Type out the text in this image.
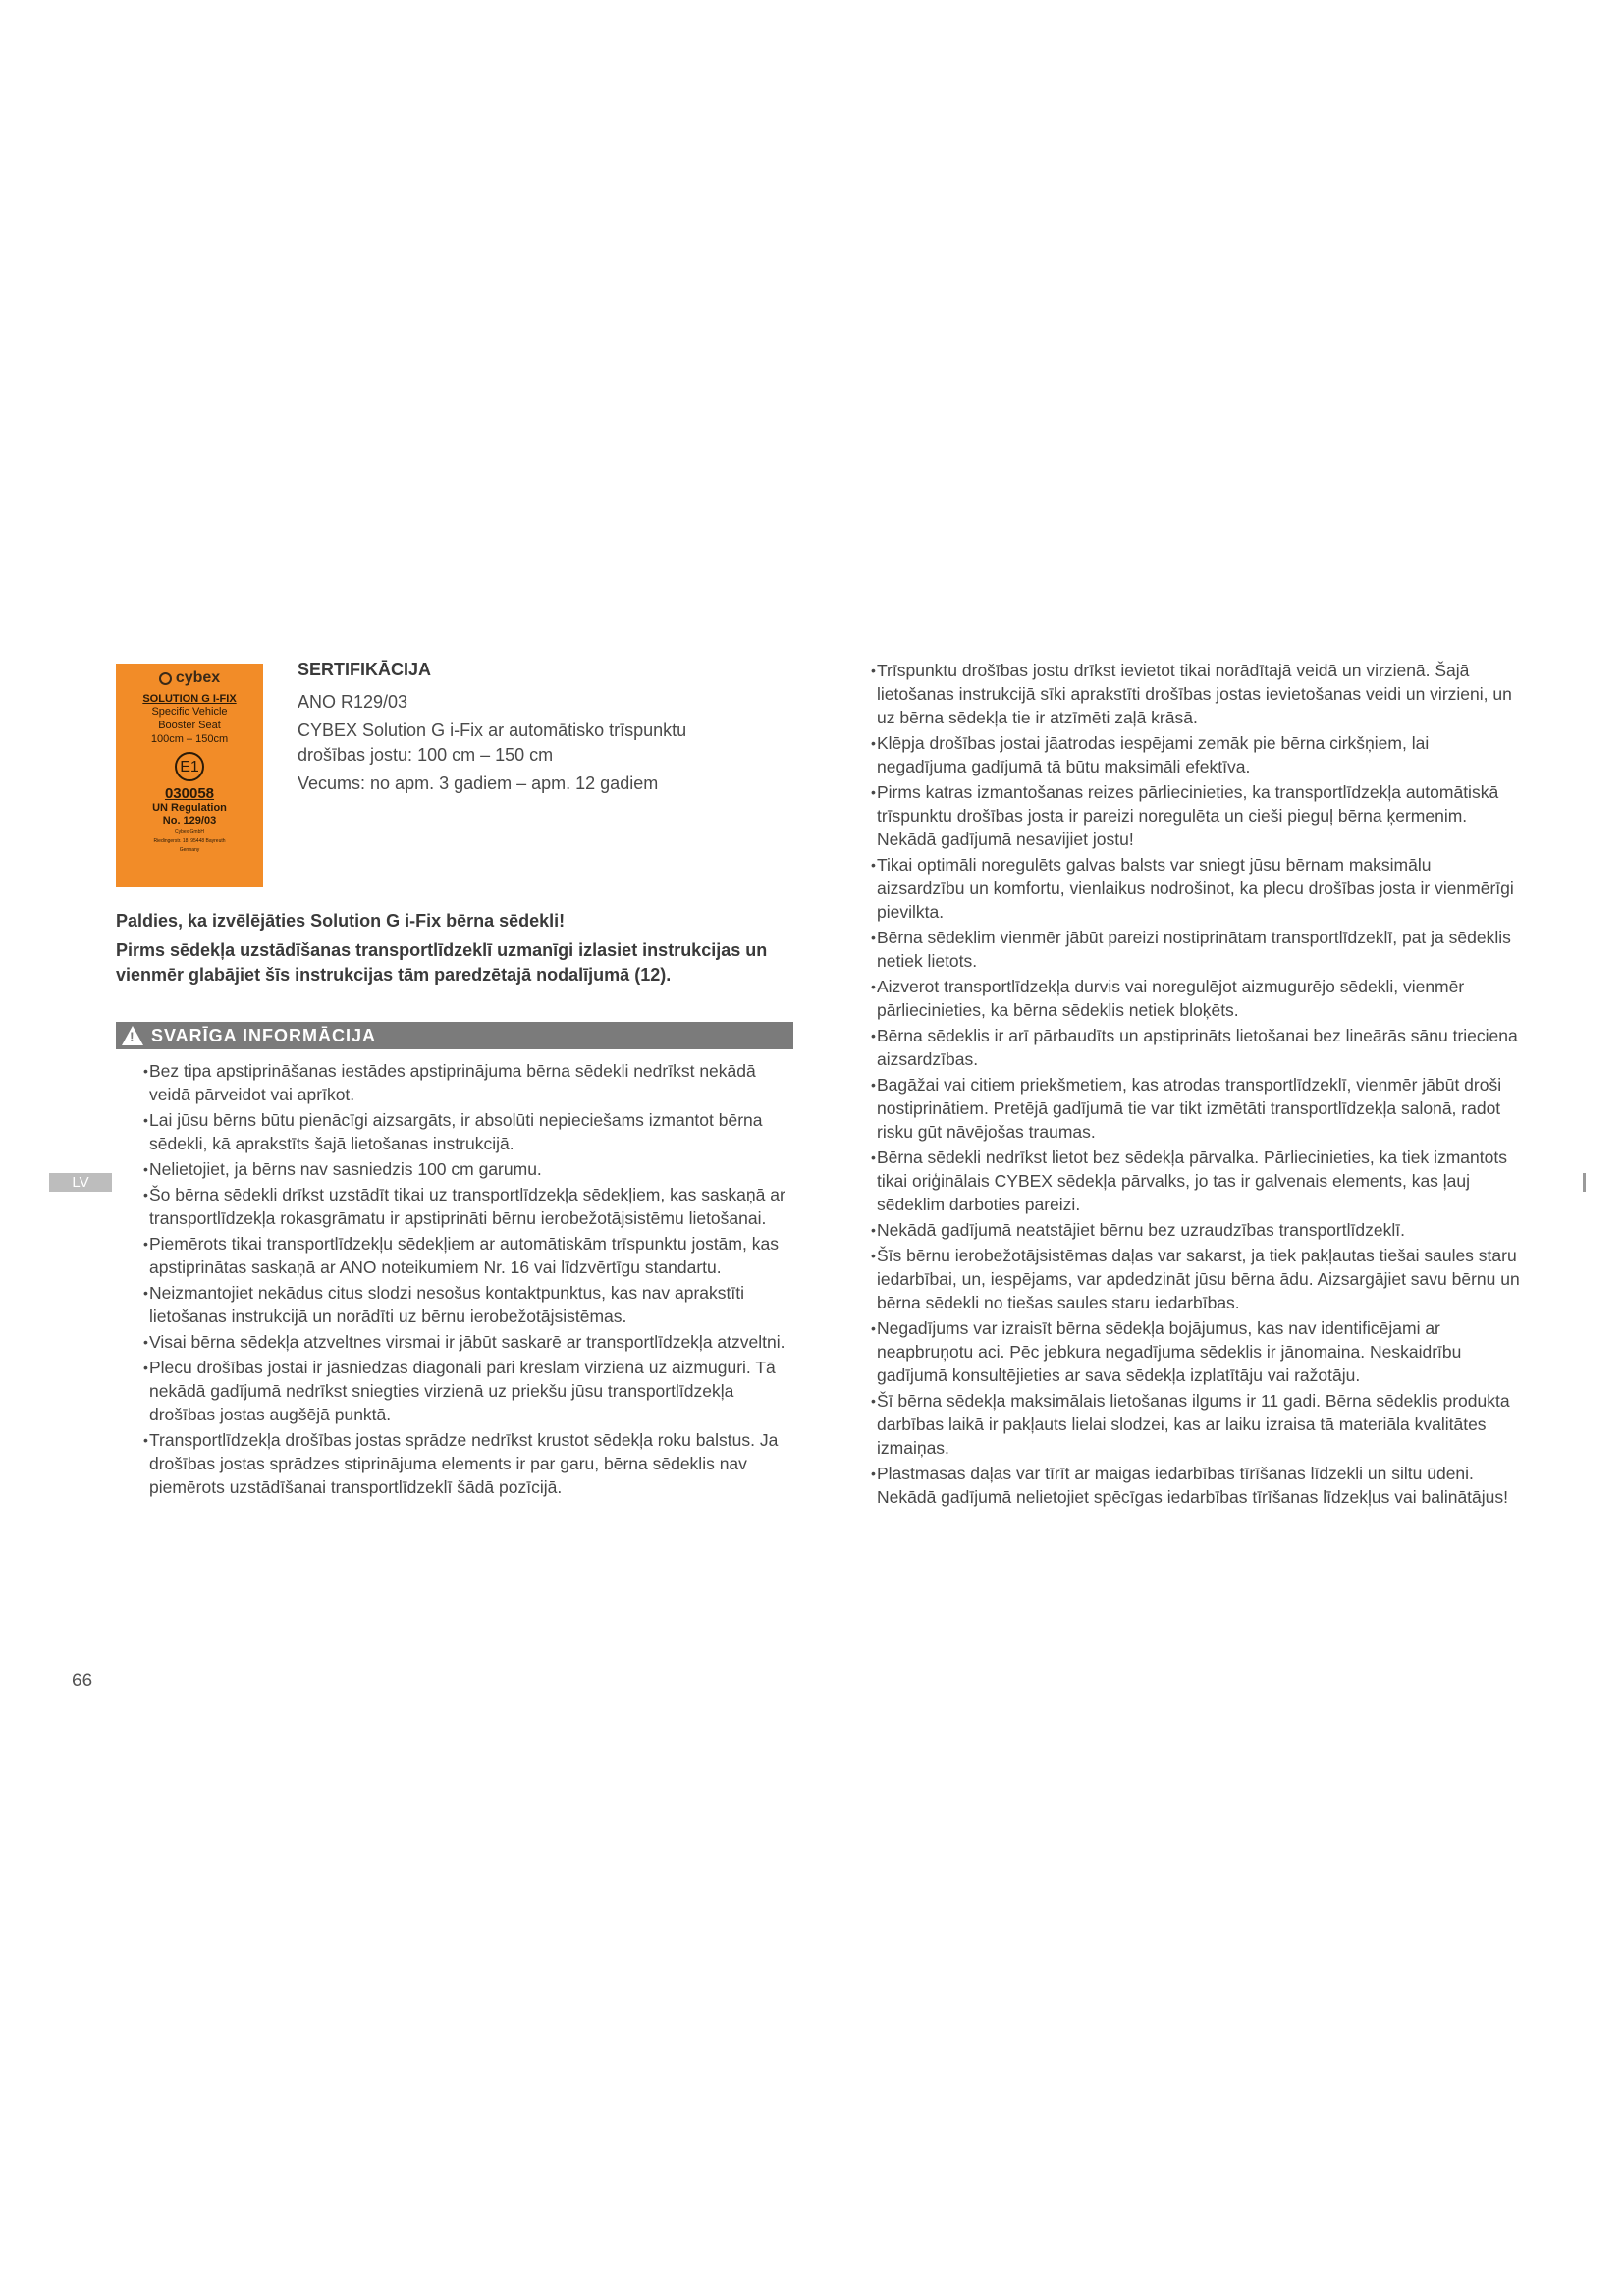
cybex
SOLUTION G I-FIX
Specific Vehicle
Booster Seat
100cm – 150cm
E1
030058
UN Regulation
No. 129/03
Cybex GmbH
Riedingerstr. 18, 95448 Bayreuth
Germany
SERTIFIKĀCIJA
ANO R129/03
CYBEX Solution G i-Fix ar automātisko trīspunktu drošības jostu: 100 cm – 150 cm
Vecums: no apm. 3 gadiem – apm. 12 gadiem

Paldies, ka izvēlējāties Solution G i-Fix bērna sēdekli!

Pirms sēdekļa uzstādīšanas transportlīdzeklī uzmanīgi izlasiet instrukcijas un vienmēr glabājiet šīs instrukcijas tām paredzētajā nodalījumā (12).

! SVARĪGA INFORMĀCIJA
• Bez tipa apstiprināšanas iestādes apstiprinājuma bērna sēdekli nedrīkst nekādā veidā pārveidot vai aprīkot.
• Lai jūsu bērns būtu pienācīgi aizsargāts, ir absolūti nepieciešams izmantot bērna sēdekli, kā aprakstīts šajā lietošanas instrukcijā.
• Nelietojiet, ja bērns nav sasniedzis 100 cm garumu.
• Šo bērna sēdekli drīkst uzstādīt tikai uz transportlīdzekļa sēdekļiem, kas saskaņā ar transportlīdzekļa rokasgrāmatu ir apstiprināti bērnu ierobežotājsistēmu lietošanai.
• Piemērots tikai transportlīdzekļu sēdekļiem ar automātiskām trīspunktu jostām, kas apstiprinātas saskaņā ar ANO noteikumiem Nr. 16 vai līdzvērtīgu standartu.
• Neizmantojiet nekādus citus slodzi nesošus kontaktpunktus, kas nav aprakstīti lietošanas instrukcijā un norādīti uz bērnu ierobežotājsistēmas.
• Visai bērna sēdekļa atzveltnes virsmai ir jābūt saskarē ar transportlīdzekļa atzveltni.
• Plecu drošības jostai ir jāsniedzas diagonāli pāri krēslam virzienā uz aizmuguri. Tā nekādā gadījumā nedrīkst sniegties virzienā uz priekšu jūsu transportlīdzekļa drošības jostas augšējā punktā.
• Transportlīdzekļa drošības jostas sprādze nedrīkst krustot sēdekļa roku balstus. Ja drošības jostas sprādzes stiprinājuma elements ir par garu, bērna sēdeklis nav piemērots uzstādīšanai transportlīdzeklī šādā pozīcijā.
• Trīspunktu drošības jostu drīkst ievietot tikai norādītajā veidā un virzienā. Šajā lietošanas instrukcijā sīki aprakstīti drošības jostas ievietošanas veidi un virzieni, un uz bērna sēdekļa tie ir atzīmēti zaļā krāsā.
• Klēpja drošības jostai jāatrodas iespējami zemāk pie bērna cirkšņiem, lai negadījuma gadījumā tā būtu maksimāli efektīva.
• Pirms katras izmantošanas reizes pārliecinieties, ka transportlīdzekļa automātiskā trīspunktu drošības josta ir pareizi noregulēta un cieši pieguļ bērna ķermenim. Nekādā gadījumā nesavijiet jostu!
• Tikai optimāli noregulēts galvas balsts var sniegt jūsu bērnam maksimālu aizsardzību un komfortu, vienlaikus nodrošinot, ka plecu drošības josta ir vienmērīgi pievilkta.
• Bērna sēdeklim vienmēr jābūt pareizi nostiprinātam transportlīdzeklī, pat ja sēdeklis netiek lietots.
• Aizverot transportlīdzekļa durvis vai noregulējot aizmugurējo sēdekli, vienmēr pārliecinieties, ka bērna sēdeklis netiek bloķēts.
• Bērna sēdeklis ir arī pārbaudīts un apstiprināts lietošanai bez lineārās sānu trieciena aizsardzības.
• Bagāžai vai citiem priekšmetiem, kas atrodas transportlīdzeklī, vienmēr jābūt droši nostiprinātiem. Pretējā gadījumā tie var tikt izmētāti transportlīdzekļa salonā, radot risku gūt nāvējošas traumas.
• Bērna sēdekli nedrīkst lietot bez sēdekļa pārvalka. Pārliecinieties, ka tiek izmantots tikai oriģinālais CYBEX sēdekļa pārvalks, jo tas ir galvenais elements, kas ļauj sēdeklim darboties pareizi.
• Nekādā gadījumā neatstājiet bērnu bez uzraudzības transportlīdzeklī.
• Šīs bērnu ierobežotājsistēmas daļas var sakarst, ja tiek pakļautas tiešai saules staru iedarbībai, un, iespējams, var apdedzināt jūsu bērna ādu. Aizsargājiet savu bērnu un bērna sēdekli no tiešas saules staru iedarbības.
• Negadījums var izraisīt bērna sēdekļa bojājumus, kas nav identificējami ar neapbruņotu aci. Pēc jebkura negadījuma sēdeklis ir jānomaina. Neskaidrību gadījumā konsultējieties ar sava sēdekļa izplatītāju vai ražotāju.
• Šī bērna sēdekļa maksimālais lietošanas ilgums ir 11 gadi. Bērna sēdeklis produkta darbības laikā ir pakļauts lielai slodzei, kas ar laiku izraisa tā materiāla kvalitātes izmaiņas.
• Plastmasas daļas var tīrīt ar maigas iedarbības tīrīšanas līdzekli un siltu ūdeni. Nekādā gadījumā nelietojiet spēcīgas iedarbības tīrīšanas līdzekļus vai balinātājus!
LV
66
